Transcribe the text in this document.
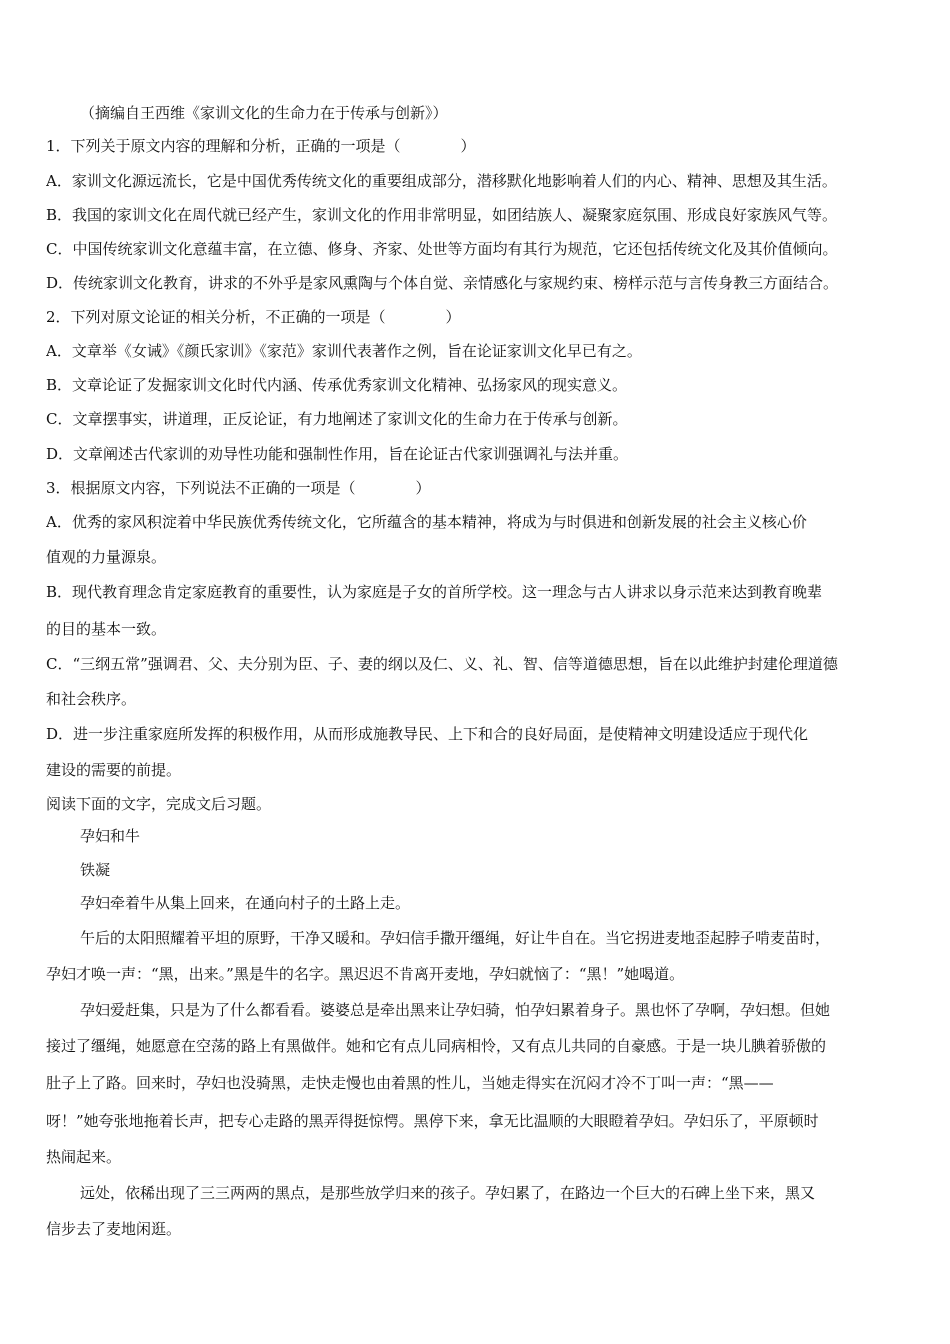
（摘编自王西维《家训文化的生命力在于传承与创新》）
1．下列关于原文内容的理解和分析，正确的一项是（　　　　）
A．家训文化源远流长，它是中国优秀传统文化的重要组成部分，潜移默化地影响着人们的内心、精神、思想及其生活。
B．我国的家训文化在周代就已经产生，家训文化的作用非常明显，如团结族人、凝聚家庭氛围、形成良好家族风气等。
C．中国传统家训文化意蕴丰富，在立德、修身、齐家、处世等方面均有其行为规范，它还包括传统文化及其价值倾向。
D．传统家训文化教育，讲求的不外乎是家风熏陶与个体自觉、亲情感化与家规约束、榜样示范与言传身教三方面结合。
2．下列对原文论证的相关分析，不正确的一项是（　　　　）
A．文章举《女诫》《颜氏家训》《家范》家训代表著作之例，旨在论证家训文化早已有之。
B．文章论证了发掘家训文化时代内涵、传承优秀家训文化精神、弘扬家风的现实意义。
C．文章摆事实，讲道理，正反论证，有力地阐述了家训文化的生命力在于传承与创新。
D．文章阐述古代家训的劝导性功能和强制性作用，旨在论证古代家训强调礼与法并重。
3．根据原文内容，下列说法不正确的一项是（　　　　）
A．优秀的家风积淀着中华民族优秀传统文化，它所蕴含的基本精神，将成为与时俱进和创新发展的社会主义核心价
值观的力量源泉。
B．现代教育理念肯定家庭教育的重要性，认为家庭是子女的首所学校。这一理念与古人讲求以身示范来达到教育晚辈
的目的基本一致。
C．“三纲五常”强调君、父、夫分别为臣、子、妻的纲以及仁、义、礼、智、信等道德思想，旨在以此维护封建伦理道德
和社会秩序。
D．进一步注重家庭所发挥的积极作用，从而形成施教导民、上下和合的良好局面，是使精神文明建设适应于现代化
建设的需要的前提。
阅读下面的文字，完成文后习题。
孕妇和牛
铁凝
孕妇牵着牛从集上回来，在通向村子的土路上走。
午后的太阳照耀着平坦的原野，干净又暖和。孕妇信手撒开缰绳，好让牛自在。当它拐进麦地歪起脖子啃麦苗时，
孕妇才唤一声：“黑，出来。”黑是牛的名字。黑迟迟不肯离开麦地，孕妇就恼了：“黑！”她喝道。
孕妇爱赶集，只是为了什么都看看。婆婆总是牵出黑来让孕妇骑，怕孕妇累着身子。黑也怀了孕啊，孕妇想。但她
接过了缰绳，她愿意在空荡的路上有黑做伴。她和它有点儿同病相怜，又有点儿共同的自豪感。于是一块儿腆着骄傲的
肚子上了路。回来时，孕妇也没骑黑，走快走慢也由着黑的性儿，当她走得实在沉闷才冷不丁叫一声：“黑——
呀！”她夸张地拖着长声，把专心走路的黑弄得挺惊愕。黑停下来，拿无比温顺的大眼瞪着孕妇。孕妇乐了，平原顿时
热闹起来。
远处，依稀出现了三三两两的黑点，是那些放学归来的孩子。孕妇累了，在路边一个巨大的石碑上坐下来，黑又
信步去了麦地闲逛。
